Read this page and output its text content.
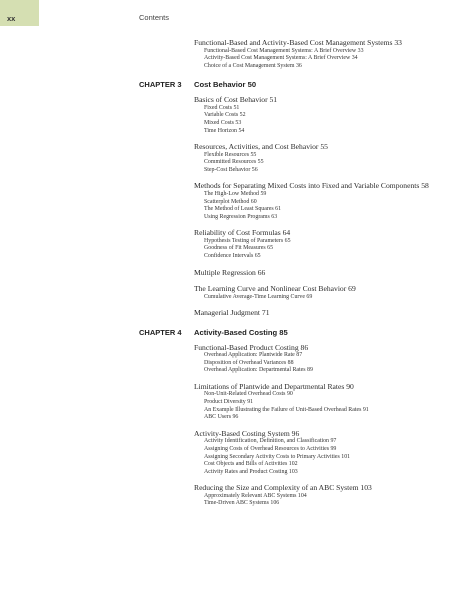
xx	Contents
Functional-Based and Activity-Based Cost Management Systems 33
Functional-Based Cost Management Systems: A Brief Overview 33
Activity-Based Cost Management Systems: A Brief Overview 34
Choice of a Cost Management System 36
CHAPTER 3 Cost Behavior 50
Basics of Cost Behavior 51
Fixed Costs 51
Variable Costs 52
Mixed Costs 53
Time Horizon 54
Resources, Activities, and Cost Behavior 55
Flexible Resources 55
Committed Resources 55
Step-Cost Behavior 56
Methods for Separating Mixed Costs into Fixed and Variable Components 58
The High-Low Method 59
Scatterplot Method 60
The Method of Least Squares 61
Using Regression Programs 63
Reliability of Cost Formulas 64
Hypothesis Testing of Parameters 65
Goodness of Fit Measures 65
Confidence Intervals 65
Multiple Regression 66
The Learning Curve and Nonlinear Cost Behavior 69
Cumulative Average-Time Learning Curve 69
Managerial Judgment 71
CHAPTER 4 Activity-Based Costing 85
Functional-Based Product Costing 86
Overhead Application: Plantwide Rate 87
Disposition of Overhead Variances 88
Overhead Application: Departmental Rates 89
Limitations of Plantwide and Departmental Rates 90
Non-Unit-Related Overhead Costs 90
Product Diversity 91
An Example Illustrating the Failure of Unit-Based Overhead Rates 91
ABC Users 96
Activity-Based Costing System 96
Activity Identification, Definition, and Classification 97
Assigning Costs of Overhead Resources to Activities 99
Assigning Secondary Activity Costs to Primary Activities 101
Cost Objects and Bills of Activities 102
Activity Rates and Product Costing 103
Reducing the Size and Complexity of an ABC System 103
Approximately Relevant ABC Systems 104
Time-Driven ABC Systems 106
